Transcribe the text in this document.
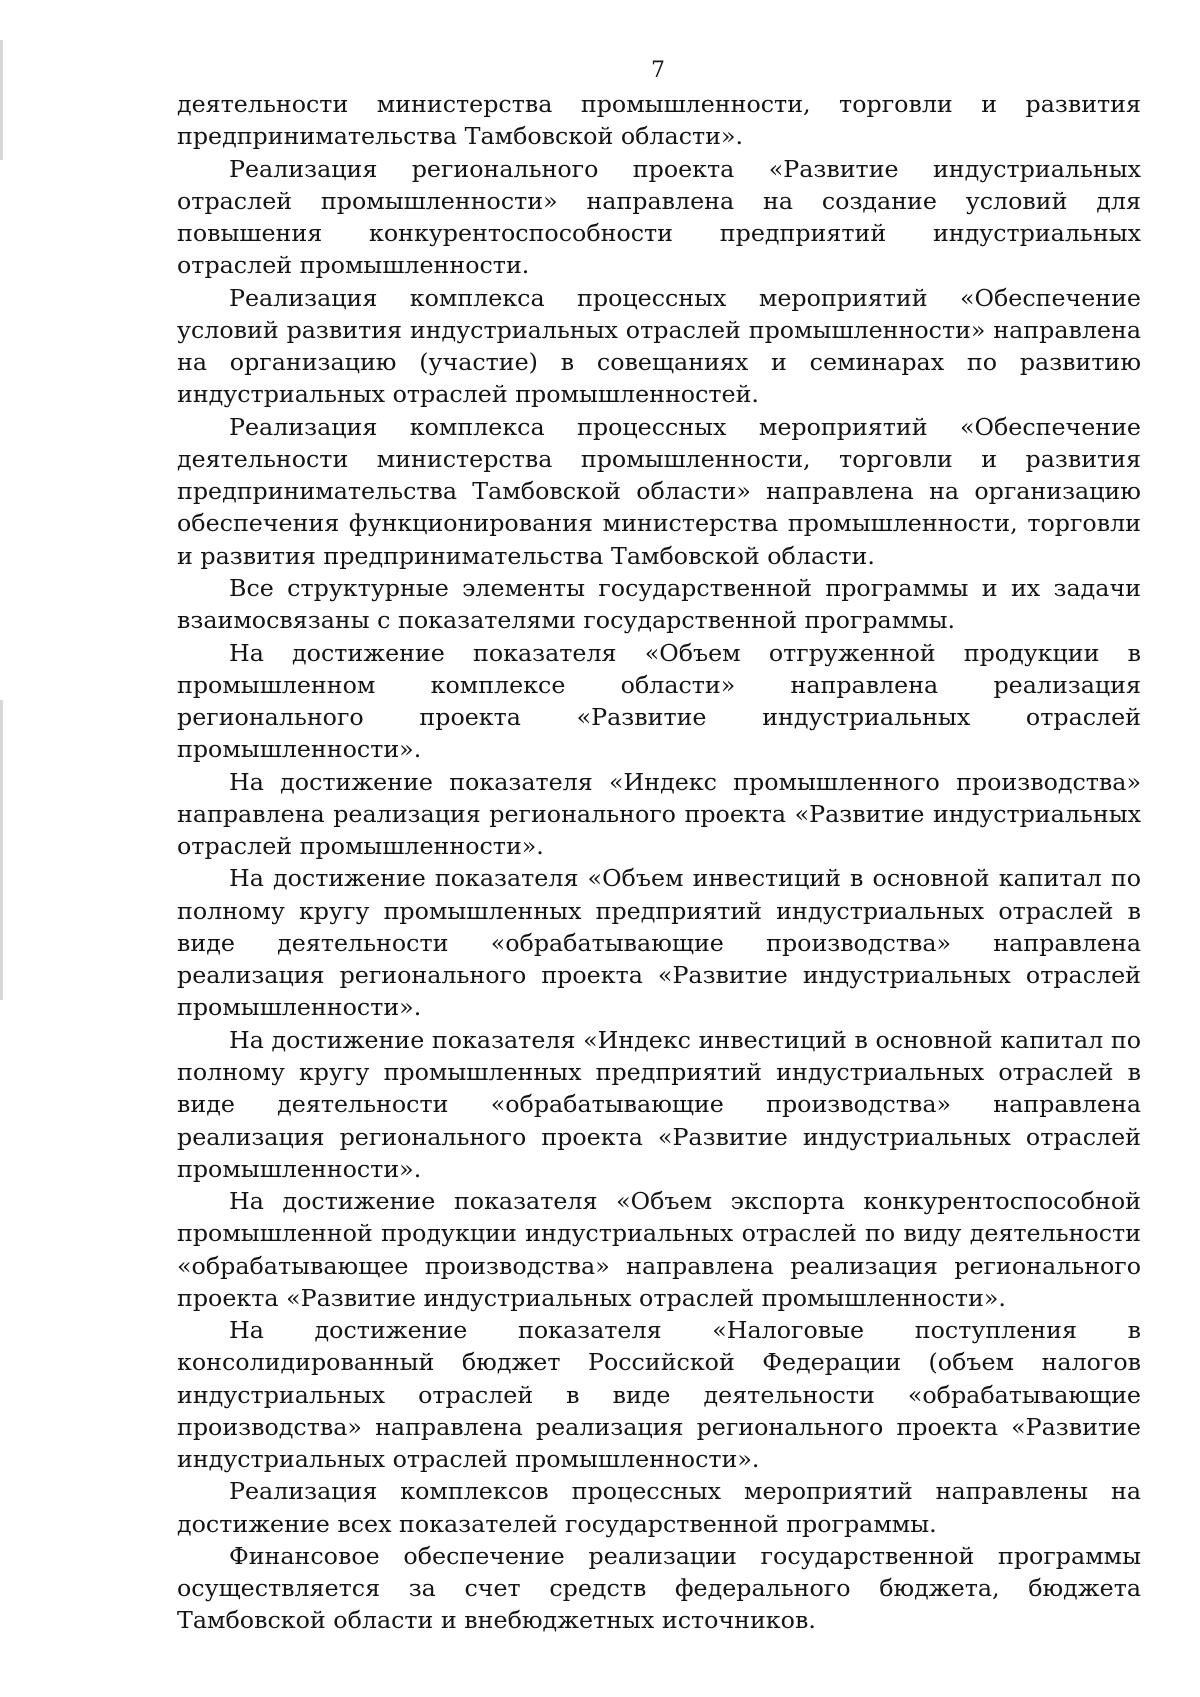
7

деятельности министерства промышленности, торговли и развития предпринимательства Тамбовской области».

Реализация регионального проекта «Развитие индустриальных отраслей промышленности» направлена на создание условий для повышения конкурентоспособности предприятий индустриальных отраслей промышленности.

Реализация комплекса процессных мероприятий «Обеспечение условий развития индустриальных отраслей промышленности» направлена на организацию (участие) в совещаниях и семинарах по развитию индустриальных отраслей промышленностей.

Реализация комплекса процессных мероприятий «Обеспечение деятельности министерства промышленности, торговли и развития предпринимательства Тамбовской области» направлена на организацию обеспечения функционирования министерства промышленности, торговли и развития предпринимательства Тамбовской области.

Все структурные элементы государственной программы и их задачи взаимосвязаны с показателями государственной программы.

На достижение показателя «Объем отгруженной продукции в промышленном комплексе области» направлена реализация регионального проекта «Развитие индустриальных отраслей промышленности».

На достижение показателя «Индекс промышленного производства» направлена реализация регионального проекта «Развитие индустриальных отраслей промышленности».

На достижение показателя «Объем инвестиций в основной капитал по полному кругу промышленных предприятий индустриальных отраслей в виде деятельности «обрабатывающие производства» направлена реализация регионального проекта «Развитие индустриальных отраслей промышленности».

На достижение показателя «Индекс инвестиций в основной капитал по полному кругу промышленных предприятий индустриальных отраслей в виде деятельности «обрабатывающие производства» направлена реализация регионального проекта «Развитие индустриальных отраслей промышленности».

На достижение показателя «Объем экспорта конкурентоспособной промышленной продукции индустриальных отраслей по виду деятельности «обрабатывающее производства» направлена реализация регионального проекта «Развитие индустриальных отраслей промышленности».

На достижение показателя «Налоговые поступления в консолидированный бюджет Российской Федерации (объем налогов индустриальных отраслей в виде деятельности «обрабатывающие производства» направлена реализация регионального проекта «Развитие индустриальных отраслей промышленности».

Реализация комплексов процессных мероприятий направлены на достижение всех показателей государственной программы.

Финансовое обеспечение реализации государственной программы осуществляется за счет средств федерального бюджета, бюджета Тамбовской области и внебюджетных источников.
